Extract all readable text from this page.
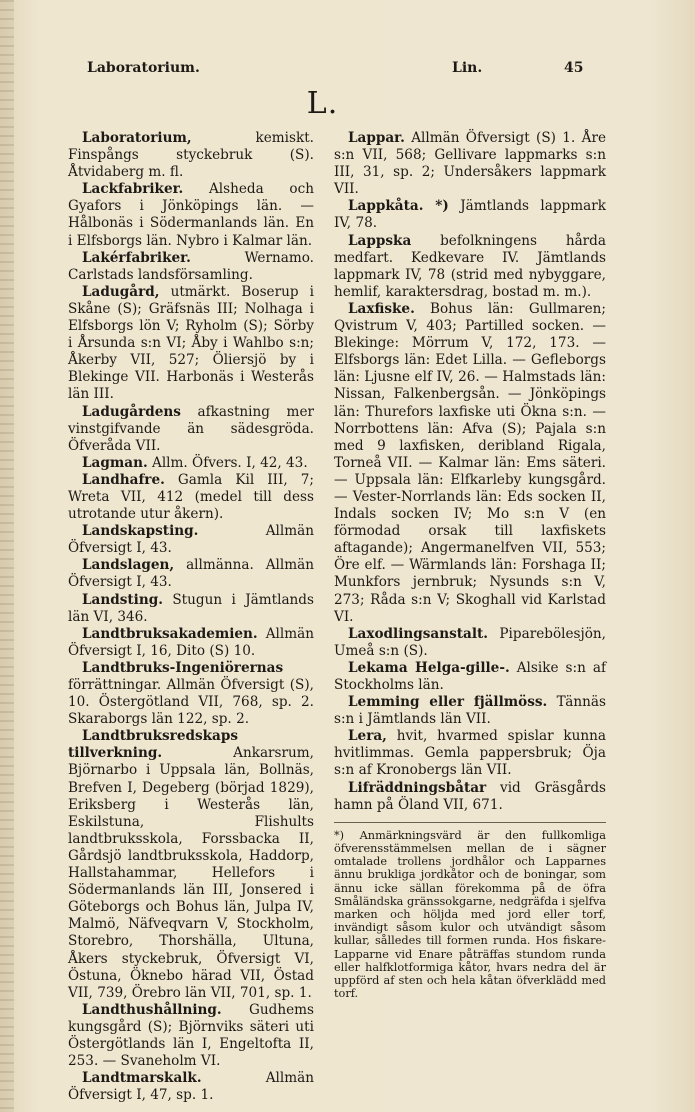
Laboratorium.	Lin.	45
L.

Laboratorium, kemiskt. Finspångs styckebruk (S). Åtvidaberg m. fl.

Lackfabriker. Alsheda och Gyafors i Jönköpings län. — Hålbonäs i Södermanlands län. En i Elfsborgs län. Nybro i Kalmar län.

Lakérfabriker. Wernamo. Carlstads landsförsamling.

Ladugård, utmärkt. Boserup i Skåne (S); Gräfsnäs III; Nolhaga i Elfsborgs lön V; Ryholm (S); Sörby i Årsunda s:n VI; Åby i Wahlbo s:n; Åkerby VII, 527; Öliersjö by i Blekinge VII. Harbonäs i Westerås län III.

Ladugårdens afkastning mer vinstgifvande än sädesgröda. Öfveråda VII.

Lagman. Allm. Öfvers. I, 42, 43.

Landhafre. Gamla Kil III, 7; Wreta VII, 412 (medel till dess utrotande utur åkern).

Landskapsting. Allmän Öfversigt I, 43.

Landslagen, allmänna. Allmän Öfversigt I, 43.

Landsting. Stugun i Jämtlands län VI, 346.

Landtbruksakademien. Allmän Öfversigt I, 16, Dito (S) 10.

Landtbruks-Ingeniörernas förrättningar. Allmän Öfversigt (S), 10. Östergötland VII, 768, sp. 2. Skaraborgs län 122, sp. 2.

Landtbruksredskaps tillverkning. Ankarsrum, Björnarbo i Uppsala län, Bollnäs, Brefven I, Degeberg (börjad 1829), Eriksberg i Westerås län, Eskilstuna, Flishults landtbruksskola, Forssbacka II, Gårdsjö landtbruksskola, Haddorp, Hallstahammar, Hellefors i Södermanlands län III, Jonsered i Göteborgs och Bohus län, Julpa IV, Malmö, Näfveqvarn V, Stockholm, Storebro, Thorshälla, Ultuna, Åkers styckebruk, Öfversigt VI, Östuna, Öknebo härad VII, Östad VII, 739, Örebro län VII, 701, sp. 1.

Landthushållning. Gudhems kungsgård (S); Björnviks säteri uti Östergötlands län I, Engeltofta II, 253. — Svaneholm VI.

Landtmarskalk. Allmän Öfversigt I, 47, sp. 1.

Lappar. Allmän Öfversigt (S) 1. Åre s:n VII, 568; Gellivare lappmarks s:n III, 31, sp. 2; Undersåkers lappmark VII.

Lappkåta. *) Jämtlands lappmark IV, 78.

Lappska befolkningens hårda medfart. Kedkevare IV. Jämtlands lappmark IV, 78 (strid med nybyggare, hemlif, karaktersdrag, bostad m. m.).

Laxfiske. Bohus län: Gullmaren; Qvistrum V, 403; Partilled socken. — Blekinge: Mörrum V, 172, 173. — Elfsborgs län: Edet Lilla. — Gefleborgs län: Ljusne elf IV, 26. — Halmstads län: Nissan, Falkenbergsån. — Jönköpings län: Thurefors laxfiske uti Ökna s:n. — Norrbottens län: Afva (S); Pajala s:n med 9 laxfisken, deribland Rigala, Torneå VII. — Kalmar län: Ems säteri. — Uppsala län: Elfkarleby kungsgård. — Vester-Norrlands län: Eds socken II, Indals socken IV; Mo s:n V (en förmodad orsak till laxfiskets aftagande); Angermanelfven VII, 553; Öre elf. — Wärmlands län: Forshaga II; Munkfors jernbruk; Nysunds s:n V, 273; Råda s:n V; Skoghall vid Karlstad VI.

Laxodlingsanstalt. Piparebölesjön, Umeå s:n (S).

Lekama Helga-gille-. Alsike s:n af Stockholms län.

Lemming eller fjällmöss. Tännäs s:n i Jämtlands län VII.

Lera, hvit, hvarmed spislar kunna hvitlimmas. Gemla pappersbruk; Öja s:n af Kronobergs län VII.

Lifräddningsbåtar vid Gräsgårds hamn på Öland VII, 671.

*) Anmärkningsvärd är den fullkomliga öfverensstämmelsen mellan de i sägner omtalade trollens jordhålor och Lapparnes ännu brukliga jordkåtor och de boningar, som ännu icke sällan förekomma på de öfra Småländska gränssokgarne, nedgräfda i sjelfva marken och höljda med jord eller torf, invändigt såsom kulor och utvändigt såsom kullar, sålledes till formen runda. Hos fiskare-Lapparne vid Enare påträffas stundom runda eller halfklotformiga kåtor, hvars nedra del är uppförd af sten och hela kåtan öfverklädd med torf.
